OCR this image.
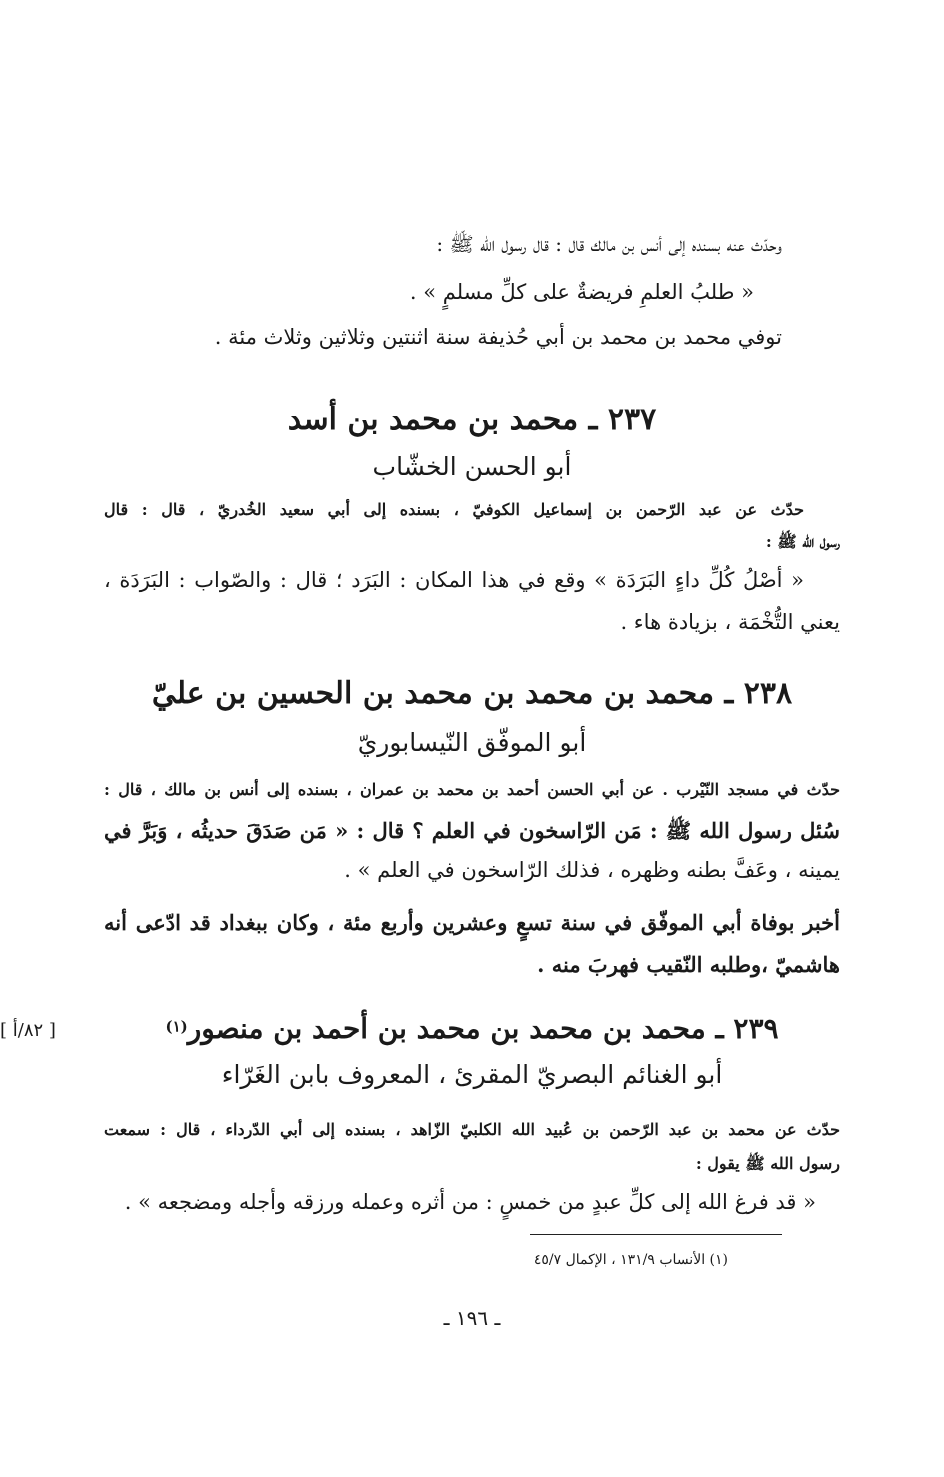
وحدّث عنه بسنده إلى أنس بن مالك قال : قال رسول الله ﷺ :
« طلبُ العلمِ فريضةٌ على كلِّ مسلمٍ » .
توفي محمد بن محمد بن أبي حُذيفة سنة اثنتين وثلاثين وثلاث مئة .
٢٣٧ ـ محمد بن محمد بن أسد
أبو الحسن الخشّاب
حدّث عن عبد الرّحمن بن إسماعيل الكوفيّ ، بسنده إلى أبي سعيد الخُدريّ ، قال : قال
رسول الله ﷺ :
« أصْلُ كُلِّ داءٍ البَرَدَة » وقع في هذا المكان : البَرَد ؛ قال : والصّواب : البَرَدَة ،
يعني التُّخْمَة ، بزيادة هاء .
٢٣٨ ـ محمد بن محمد بن محمد بن الحسين بن عليّ
أبو الموفّق النّيسابوريّ
حدّث في مسجد النّيْرب . عن أبي الحسن أحمد بن محمد بن عمران ، بسنده إلى أنس بن مالك ، قال :
سُئل رسول الله ﷺ : مَن الرّاسخون في العلم ؟ قال : « مَن صَدَقَ حديثُه ، وَبَرَّ في
يمينه ، وعَفَّ بطنه وظهره ، فذلك الرّاسخون في العلم » .
أخبر بوفاة أبي الموفّق في سنة تسعٍ وعشرين وأربع مئة ، وكان ببغداد قد ادّعى أنه
هاشميّ ،وطلبه النّقيب فهربَ منه .
٢٣٩ ـ محمد بن محمد بن محمد بن أحمد بن منصور$^{(١)}$
[ ٨٢/أ ]
أبو الغنائم البصريّ المقرئ ، المعروف بابن الغَرّاء
حدّث عن محمد بن عبد الرّحمن بن عُبيد الله الكلبيّ الزّاهد ، بسنده إلى أبي الدّرداء ، قال : سمعت
رسول الله ﷺ يقول :
« قد فرغ الله إلى كلِّ عبدٍ من خمسٍ : من أثره وعمله ورزقه وأجله ومضجعه » .
(١) الأنساب ١٣١/٩ ، الإكمال ٤٥/٧
ـ ١٩٦ ـ
